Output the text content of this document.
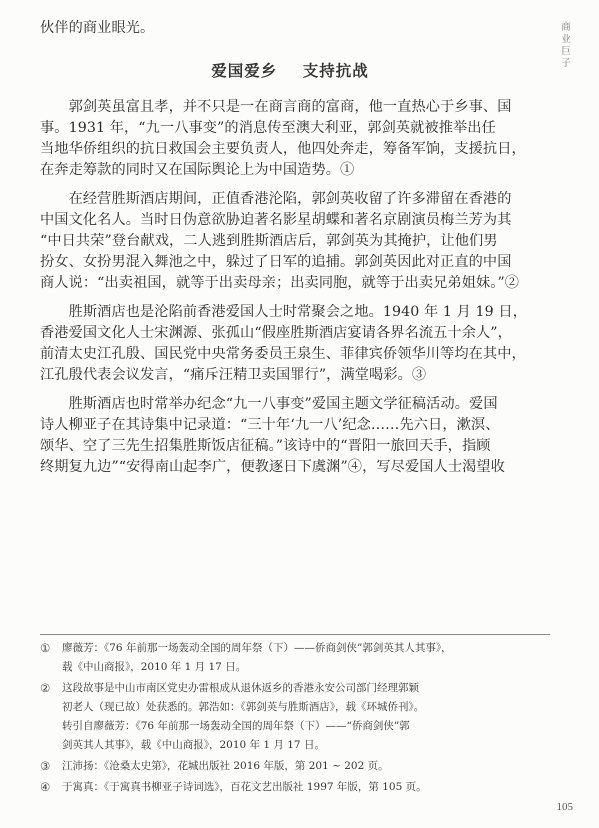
商业巨子
伙伴的商业眼光。
爱国爱乡    支持抗战
　　郭剑英虽富且孝，并不只是一在商言商的富商，他一直热心于乡事、国
事。1931 年，“九一八事变”的消息传至澳大利亚，郭剑英就被推举出任
当地华侨组织的抗日救国会主要负责人，他四处奔走，筹备军饷，支援抗日，
在奔走筹款的同时又在国际舆论上为中国造势。①
　　在经营胜斯酒店期间，正值香港沦陷，郭剑英收留了许多滞留在香港的
中国文化名人。当时日伪意欲胁迫著名影星胡蝶和著名京剧演员梅兰芳为其
“中日共荣”登台献戏，二人逃到胜斯酒店后，郭剑英为其掩护，让他们男
扮女、女扮男混入舞池之中，躲过了日军的追捕。郭剑英因此对正直的中国
商人说：“出卖祖国，就等于出卖母亲；出卖同胞，就等于出卖兄弟姐妹。”②
　　胜斯酒店也是沦陷前香港爱国人士时常聚会之地。1940 年 1 月 19 日，
香港爱国文化人士宋渊源、张孤山“假座胜斯酒店宴请各界名流五十余人”，
前清太史江孔殷、国民党中央常务委员王泉生、菲律宾侨领华川等均在其中，
江孔殷代表会议发言，“痛斥汪精卫卖国罪行”，满堂喝彩。③
　　胜斯酒店也时常举办纪念“九一八事变”爱国主题文学征稿活动。爱国
诗人柳亚子在其诗集中记录道：“三十年‘九一八’纪念……先六日，漱溟、
颂华、空了三先生招集胜斯饭店征稿。”该诗中的“晋阳一旅回天手，指顾
终期复九边”“安得南山起李广，便教逐日下虞渊”④，写尽爱国人士渴望收
①	廖薇芳：《76 年前那一场轰动全国的周年祭（下）——侨商剑侠”郭剑英其人其事》，
载《中山商报》，2010 年 1 月 17 日。
②	这段故事是中山市南区党史办雷根成从退休返乡的香港永安公司部门经理郭颖
初老人（现已故）处获悉的。郭浩如：《郭剑英与胜斯酒店》，载《环城侨刊》。
转引自廖薇芳：《76 年前那一场轰动全国的周年祭（下）——“侨商剑侠”郭
剑英其人其事》，载《中山商报》，2010 年 1 月 17 日。
③	江沛扬：《沧桑太史第》，花城出版社 2016 年版，第 201 ~ 202 页。
④	于寓真：《于寓真书柳亚子诗词选》，百花文艺出版社 1997 年版，第 105 页。
105
